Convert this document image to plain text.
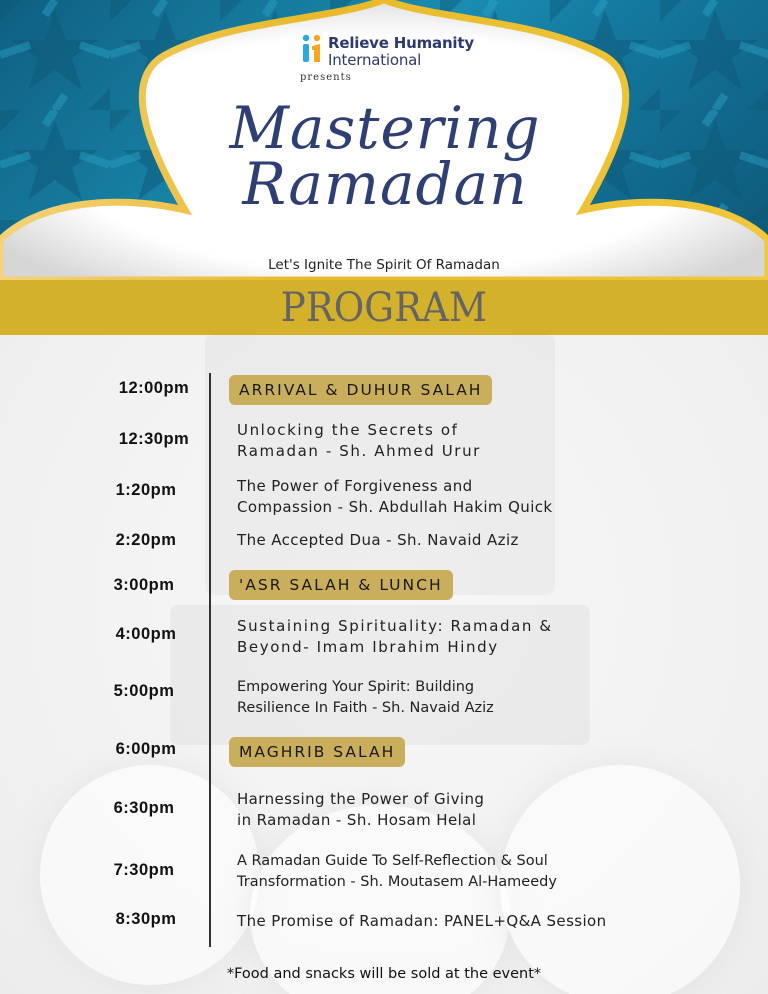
Relieve Humanity
International
presents
Mastering
Ramadan
Let's Ignite The Spirit Of Ramadan
PROGRAM
12:00pm	ARRIVAL & DUHUR SALAH
12:30pm	Unlocking the Secrets of
Ramadan - Sh. Ahmed Urur
1:20pm	The Power of Forgiveness and
Compassion - Sh. Abdullah Hakim Quick
2:20pm	The Accepted Dua - Sh. Navaid Aziz
3:00pm	'ASR SALAH & LUNCH
4:00pm	Sustaining Spirituality: Ramadan &
Beyond- Imam Ibrahim Hindy
5:00pm	Empowering Your Spirit: Building
Resilience In Faith - Sh. Navaid Aziz
6:00pm	MAGHRIB SALAH
6:30pm	Harnessing the Power of Giving
in Ramadan - Sh. Hosam Helal
7:30pm	A Ramadan Guide To Self-Reflection & Soul
Transformation - Sh. Moutasem Al-Hameedy
8:30pm	The Promise of Ramadan: PANEL+Q&A Session
*Food and snacks will be sold at the event*
